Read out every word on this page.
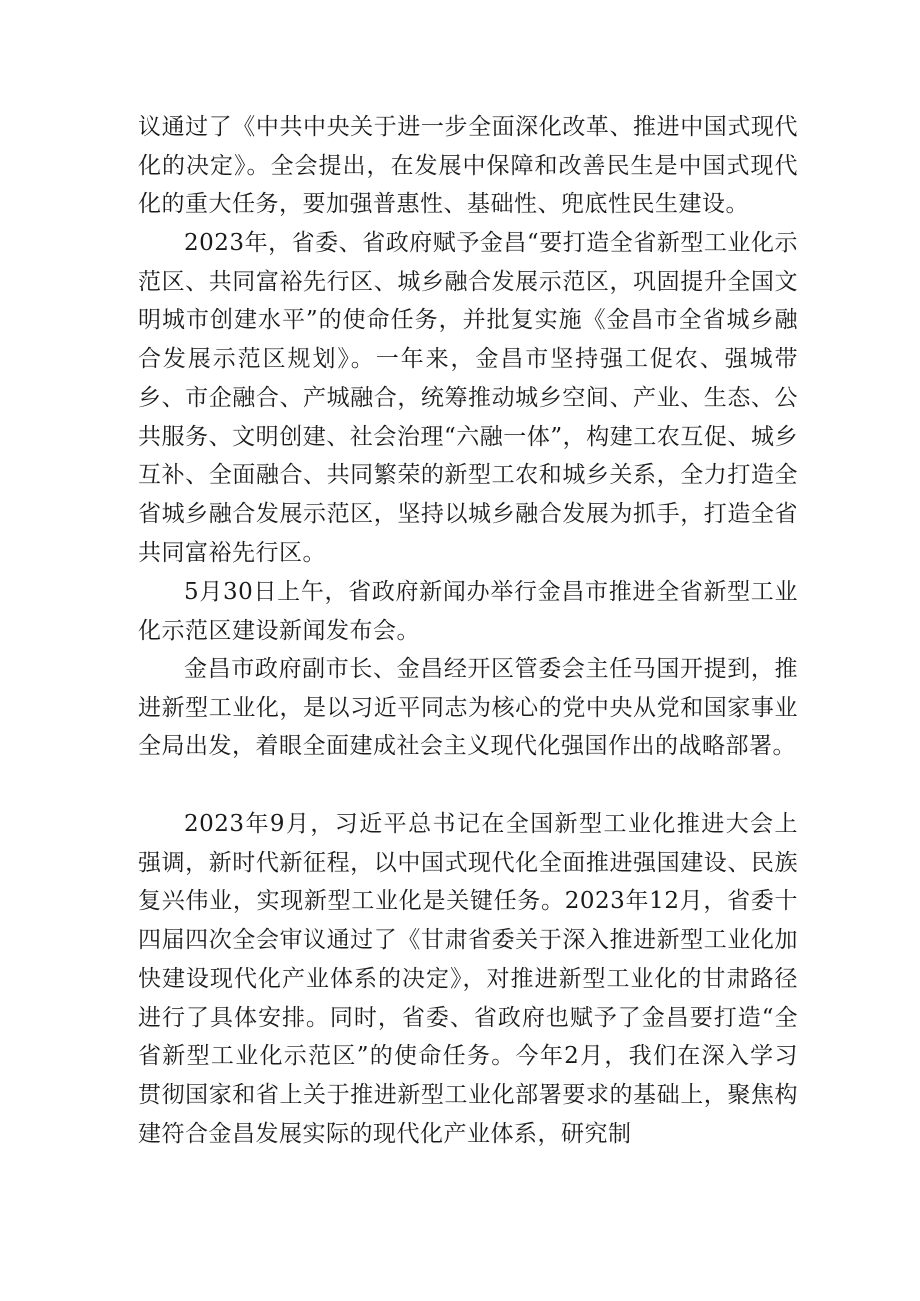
议通过了《中共中央关于进一步全面深化改革、推进中国式现代化的决定》。全会提出，在发展中保障和改善民生是中国式现代化的重大任务，要加强普惠性、基础性、兜底性民生建设。

2023年，省委、省政府赋予金昌“要打造全省新型工业化示范区、共同富裕先行区、城乡融合发展示范区，巩固提升全国文明城市创建水平”的使命任务，并批复实施《金昌市全省城乡融合发展示范区规划》。一年来，金昌市坚持强工促农、强城带乡、市企融合、产城融合，统筹推动城乡空间、产业、生态、公共服务、文明创建、社会治理“六融一体”，构建工农互促、城乡互补、全面融合、共同繁荣的新型工农和城乡关系，全力打造全省城乡融合发展示范区，坚持以城乡融合发展为抓手，打造全省共同富裕先行区。

5月30日上午，省政府新闻办举行金昌市推进全省新型工业化示范区建设新闻发布会。

金昌市政府副市长、金昌经开区管委会主任马国开提到，推进新型工业化，是以习近平同志为核心的党中央从党和国家事业全局出发，着眼全面建成社会主义现代化强国作出的战略部署。

2023年9月，习近平总书记在全国新型工业化推进大会上强调，新时代新征程，以中国式现代化全面推进强国建设、民族复兴伟业，实现新型工业化是关键任务。2023年12月，省委十四届四次全会审议通过了《甘肃省委关于深入推进新型工业化加快建设现代化产业体系的决定》，对推进新型工业化的甘肃路径进行了具体安排。同时，省委、省政府也赋予了金昌要打造“全省新型工业化示范区”的使命任务。今年2月，我们在深入学习贯彻国家和省上关于推进新型工业化部署要求的基础上，聚焦构建符合金昌发展实际的现代化产业体系，研究制
